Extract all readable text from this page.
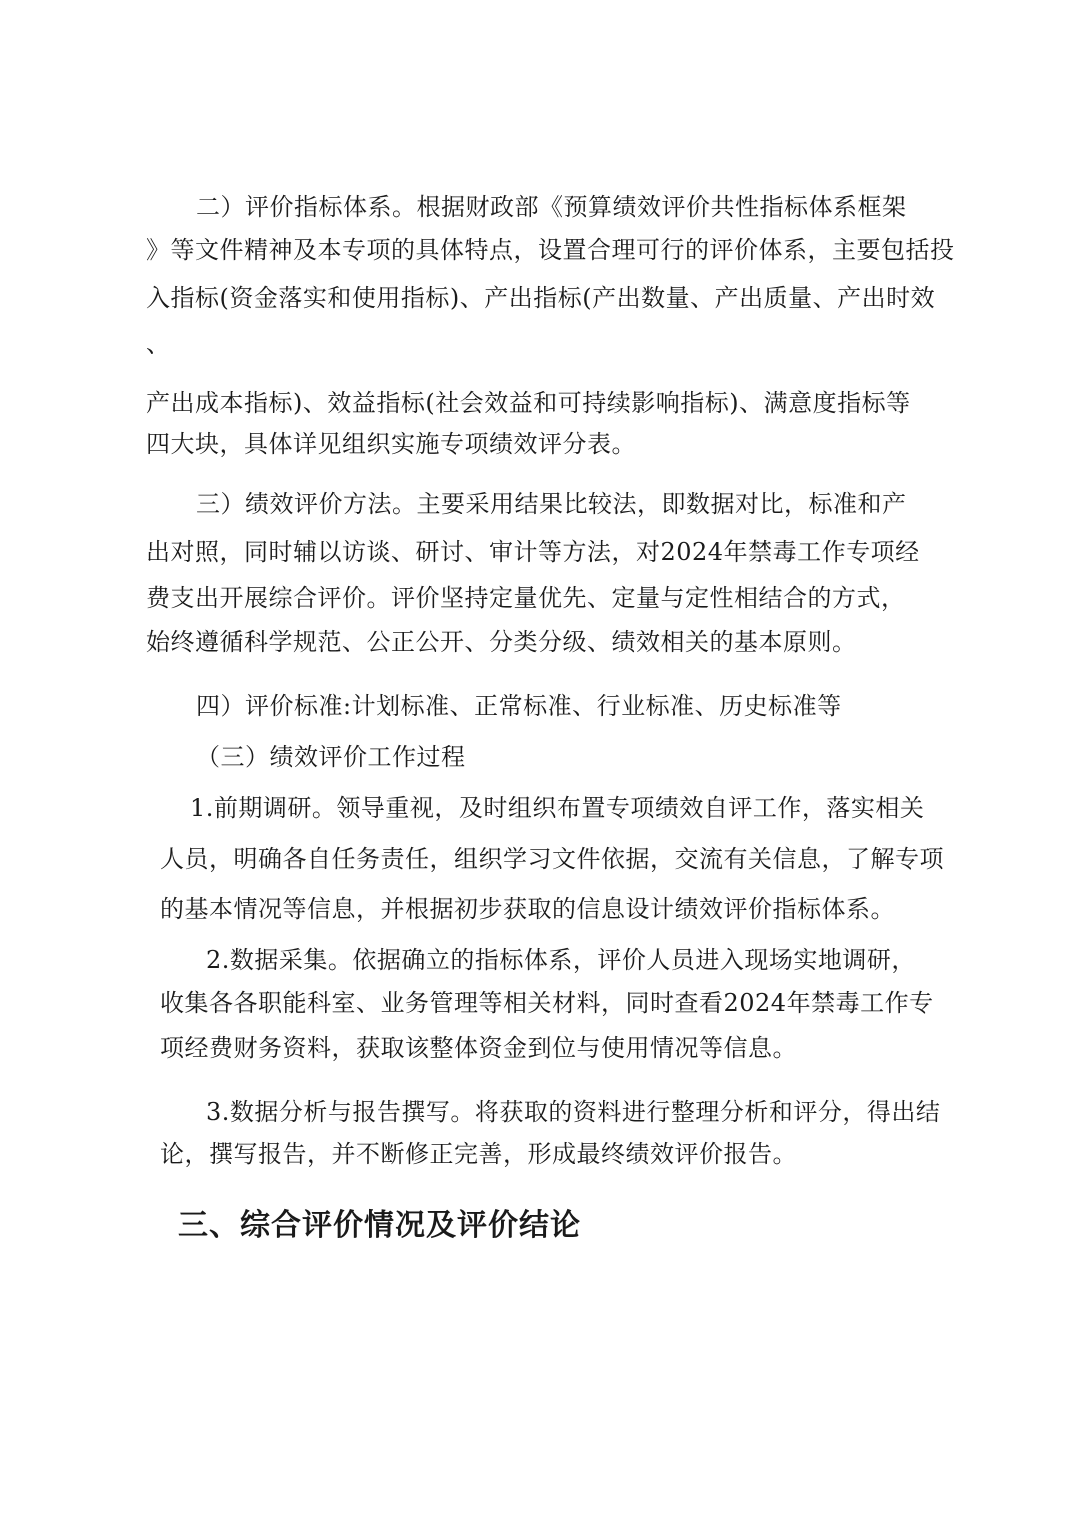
二）评价指标体系。根据财政部《预算绩效评价共性指标体系框架
》等文件精神及本专项的具体特点，设置合理可行的评价体系，主要包括投
入指标(资金落实和使用指标)、产出指标(产出数量、产出质量、产出时效
、
产出成本指标)、效益指标(社会效益和可持续影响指标)、满意度指标等
四大块，具体详见组织实施专项绩效评分表。
三）绩效评价方法。主要采用结果比较法，即数据对比，标准和产
出对照，同时辅以访谈、研讨、审计等方法，对2024年禁毒工作专项经
费支出开展综合评价。评价坚持定量优先、定量与定性相结合的方式，
始终遵循科学规范、公正公开、分类分级、绩效相关的基本原则。
四）评价标准:计划标准、正常标准、行业标准、历史标准等
（三）绩效评价工作过程
1.前期调研。领导重视，及时组织布置专项绩效自评工作，落实相关
人员，明确各自任务责任，组织学习文件依据，交流有关信息，了解专项
的基本情况等信息，并根据初步获取的信息设计绩效评价指标体系。
2.数据采集。依据确立的指标体系，评价人员进入现场实地调研，
收集各各职能科室、业务管理等相关材料，同时查看2024年禁毒工作专
项经费财务资料，获取该整体资金到位与使用情况等信息。
3.数据分析与报告撰写。将获取的资料进行整理分析和评分，得出结
论，撰写报告，并不断修正完善，形成最终绩效评价报告。
三、综合评价情况及评价结论
